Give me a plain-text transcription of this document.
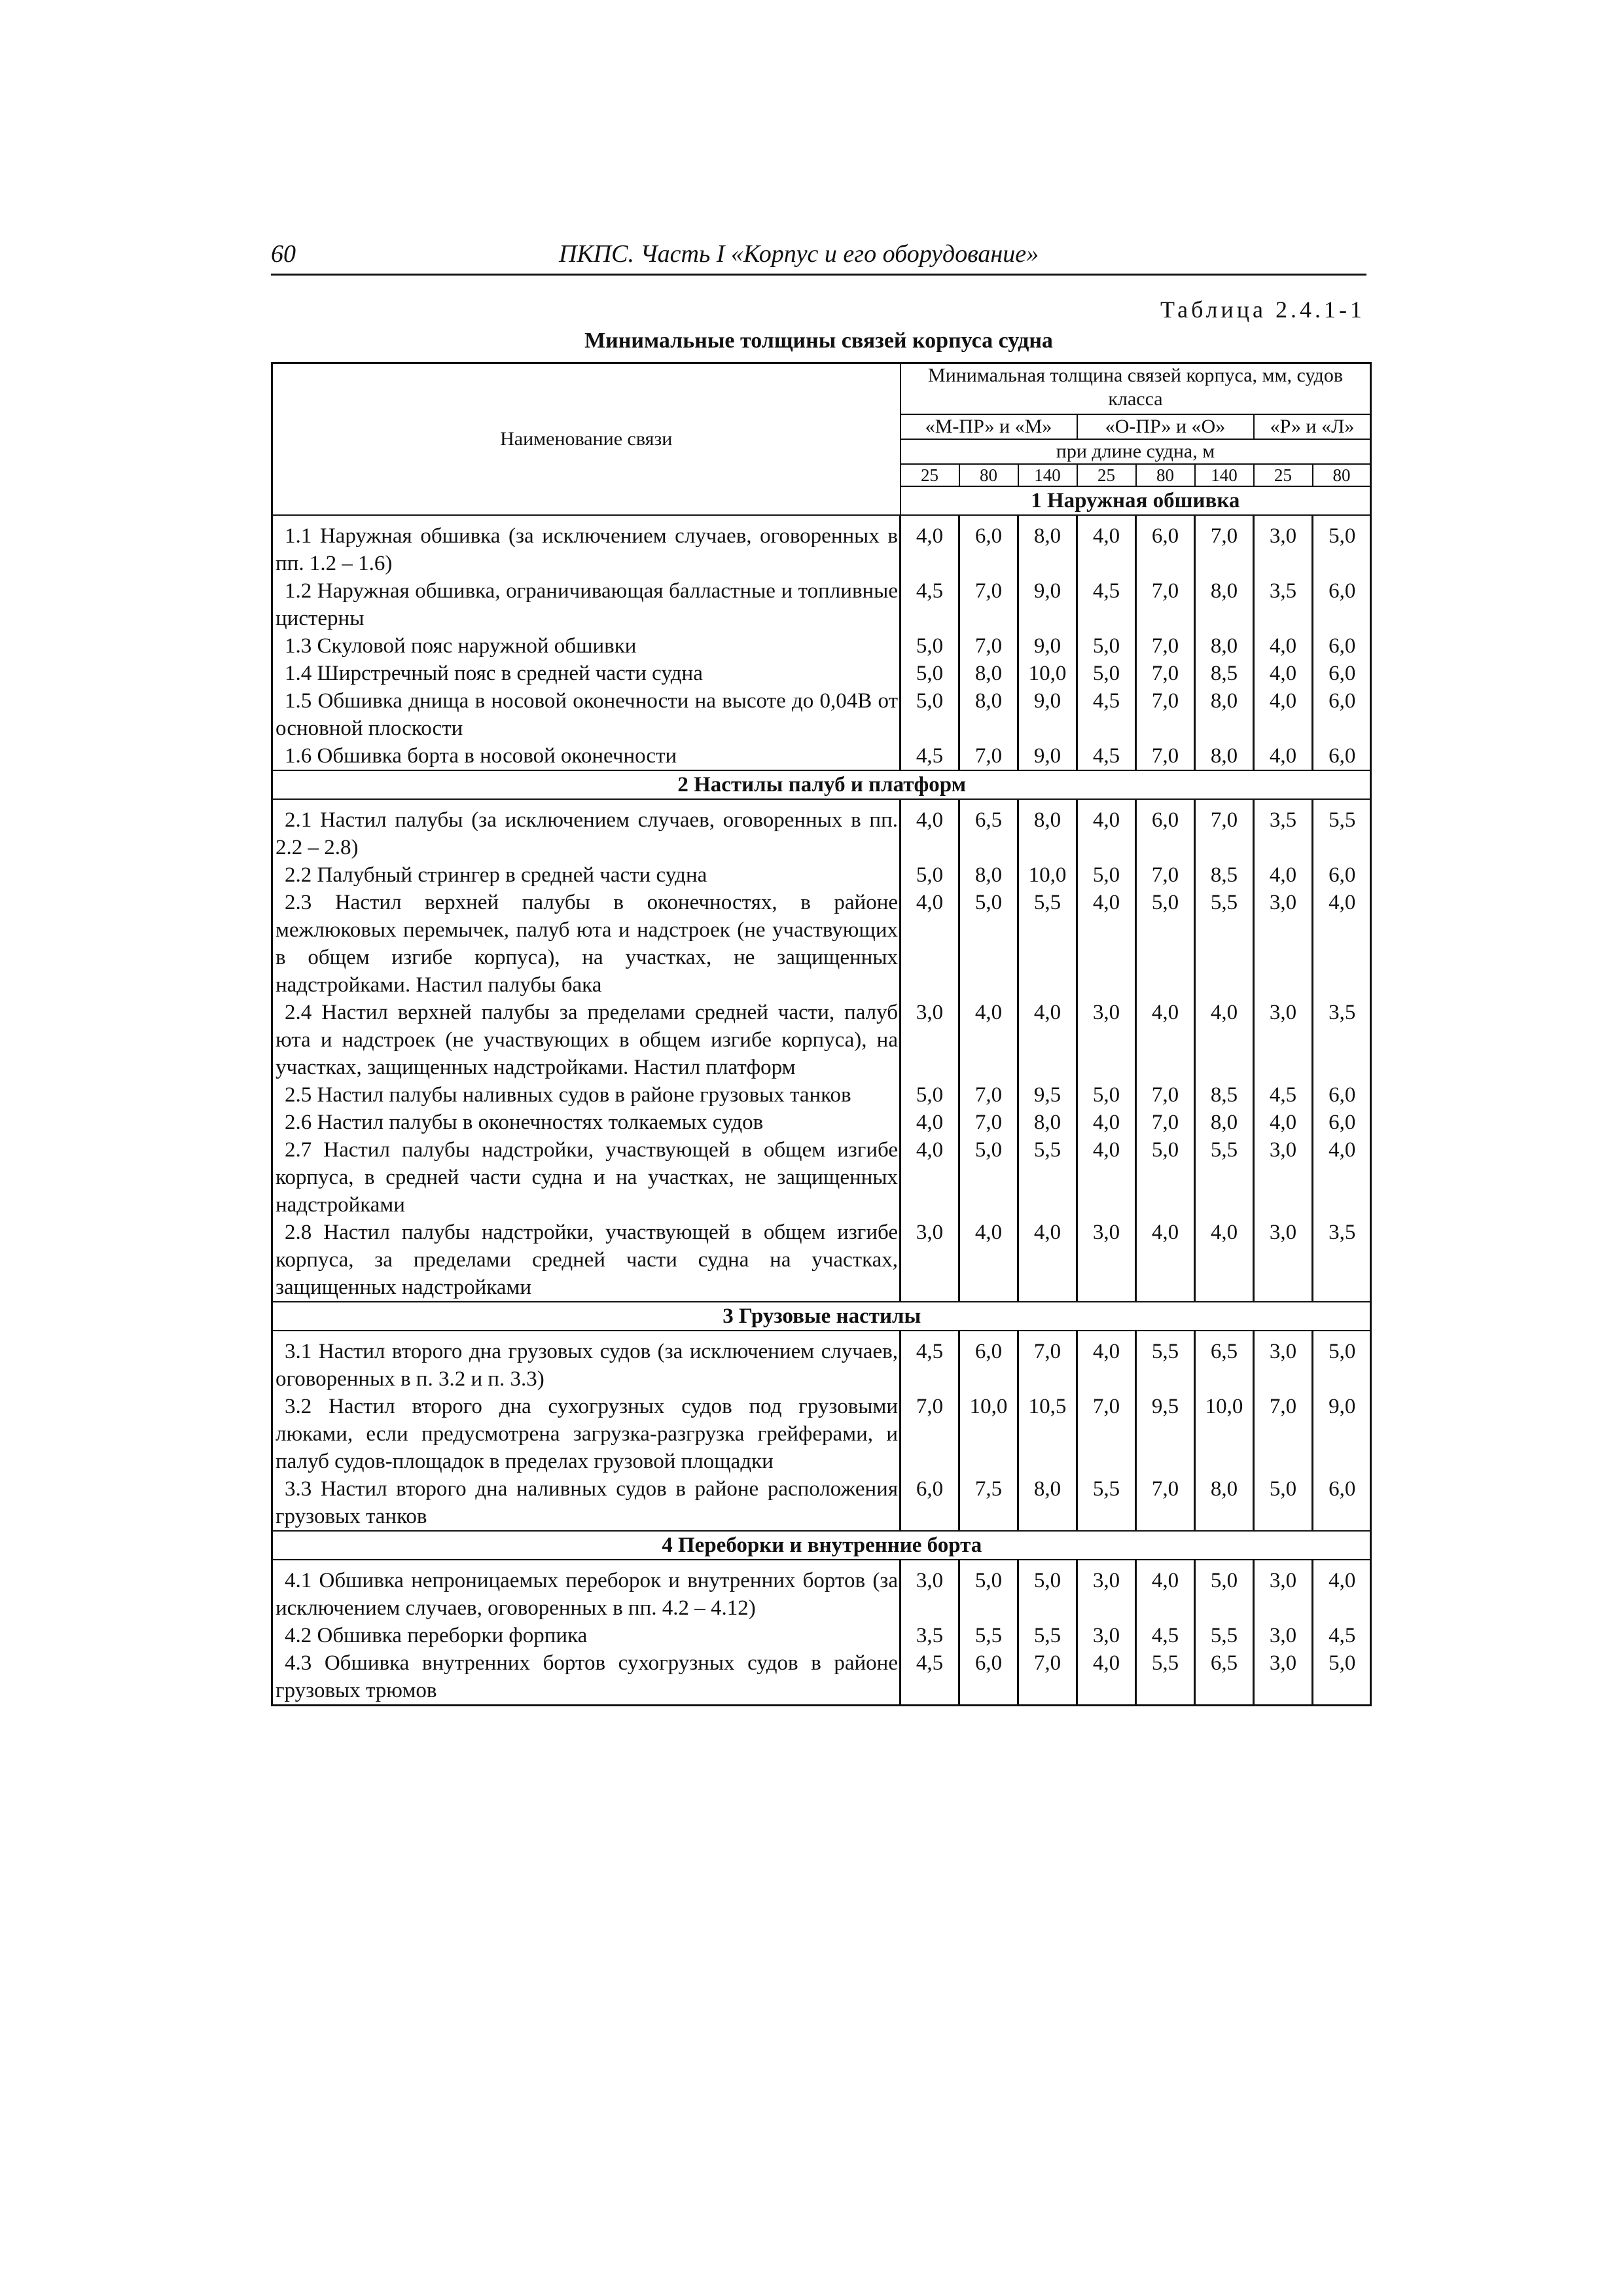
60	ПКПС. Часть I «Корпус и его оборудование»
Таблица 2.4.1-1
Минимальные толщины связей корпуса судна
Наименование связи	Минимальная толщина связей корпуса, мм, судов класса							
	«М-ПР» и «М»			«О-ПР» и «О»			«Р» и «Л»	
	при длине судна, м							
	25	80	140	25	80	140	25	80
	1 Наружная обшивка							
1.1 Наружная обшивка (за исключением случаев, оговоренных в пп. 1.2 – 1.6)	4,0	6,0	8,0	4,0	6,0	7,0	3,0	5,0
1.2 Наружная обшивка, ограничивающая балластные и топливные цистерны	4,5	7,0	9,0	4,5	7,0	8,0	3,5	6,0
1.3 Скуловой пояс наружной обшивки	5,0	7,0	9,0	5,0	7,0	8,0	4,0	6,0
1.4 Ширстречный пояс в средней части судна	5,0	8,0	10,0	5,0	7,0	8,5	4,0	6,0
1.5 Обшивка днища в носовой оконечности на высоте до 0,04B от основной плоскости	5,0	8,0	9,0	4,5	7,0	8,0	4,0	6,0
1.6 Обшивка борта в носовой оконечности	4,5	7,0	9,0	4,5	7,0	8,0	4,0	6,0
2 Настилы палуб и платформ								
2.1 Настил палубы (за исключением случаев, оговоренных в пп. 2.2 – 2.8)	4,0	6,5	8,0	4,0	6,0	7,0	3,5	5,5
2.2 Палубный стрингер в средней части судна	5,0	8,0	10,0	5,0	7,0	8,5	4,0	6,0
2.3 Настил верхней палубы в оконечностях, в районе межлюковых перемычек, палуб юта и надстроек (не участвующих в общем изгибе корпуса), на участках, не защищенных надстройками. Настил палубы бака	4,0	5,0	5,5	4,0	5,0	5,5	3,0	4,0
2.4 Настил верхней палубы за пределами средней части, палуб юта и надстроек (не участвующих в общем изгибе корпуса), на участках, защищенных надстройками. Настил платформ	3,0	4,0	4,0	3,0	4,0	4,0	3,0	3,5
2.5 Настил палубы наливных судов в районе грузовых танков	5,0	7,0	9,5	5,0	7,0	8,5	4,5	6,0
2.6 Настил палубы в оконечностях толкаемых судов	4,0	7,0	8,0	4,0	7,0	8,0	4,0	6,0
2.7 Настил палубы надстройки, участвующей в общем изгибе корпуса, в средней части судна и на участках, не защищенных надстройками	4,0	5,0	5,5	4,0	5,0	5,5	3,0	4,0
2.8 Настил палубы надстройки, участвующей в общем изгибе корпуса, за пределами средней части судна на участках, защищенных надстройками	3,0	4,0	4,0	3,0	4,0	4,0	3,0	3,5
3 Грузовые настилы								
3.1 Настил второго дна грузовых судов (за исключением случаев, оговоренных в п. 3.2 и п. 3.3)	4,5	6,0	7,0	4,0	5,5	6,5	3,0	5,0
3.2 Настил второго дна сухогрузных судов под грузовыми люками, если предусмотрена загрузка-разгрузка грейферами, и палуб судов-площадок в пределах грузовой площадки	7,0	10,0	10,5	7,0	9,5	10,0	7,0	9,0
3.3 Настил второго дна наливных судов в районе расположения грузовых танков	6,0	7,5	8,0	5,5	7,0	8,0	5,0	6,0
4 Переборки и внутренние борта								
4.1 Обшивка непроницаемых переборок и внутренних бортов (за исключением случаев, оговоренных в пп. 4.2 – 4.12)	3,0	5,0	5,0	3,0	4,0	5,0	3,0	4,0
4.2 Обшивка переборки форпика	3,5	5,5	5,5	3,0	4,5	5,5	3,0	4,5
4.3 Обшивка внутренних бортов сухогрузных судов в районе грузовых трюмов	4,5	6,0	7,0	4,0	5,5	6,5	3,0	5,0
